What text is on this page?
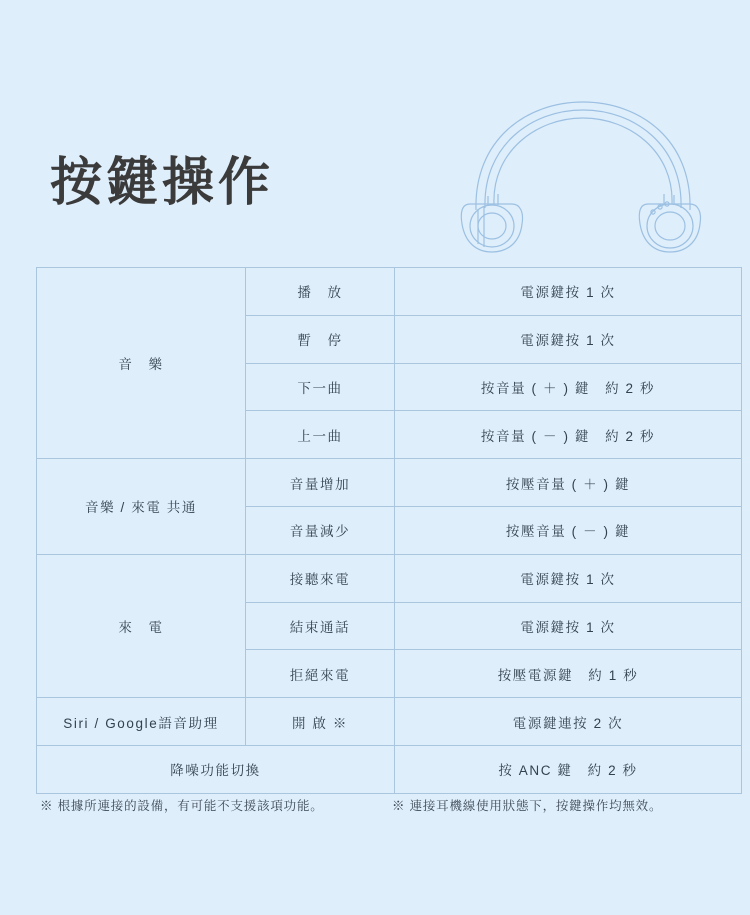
按鍵操作
音　樂	播　放	電源鍵按 1 次
	暫　停	電源鍵按 1 次
	下一曲	按音量 ( ＋ ) 鍵　約 2 秒
	上一曲	按音量 ( － ) 鍵　約 2 秒
音樂 / 來電 共通	音量增加	按壓音量 ( ＋ ) 鍵
	音量減少	按壓音量 ( － ) 鍵
來　電	接聽來電	電源鍵按 1 次
	結束通話	電源鍵按 1 次
	拒絕來電	按壓電源鍵　約 1 秒
Siri / Google語音助理	開 啟 ※	電源鍵連按 2 次
降噪功能切換		按 ANC 鍵　約 2 秒
※ 根據所連接的設備，有可能不支援該項功能。	※ 連接耳機線使用狀態下，按鍵操作均無效。
